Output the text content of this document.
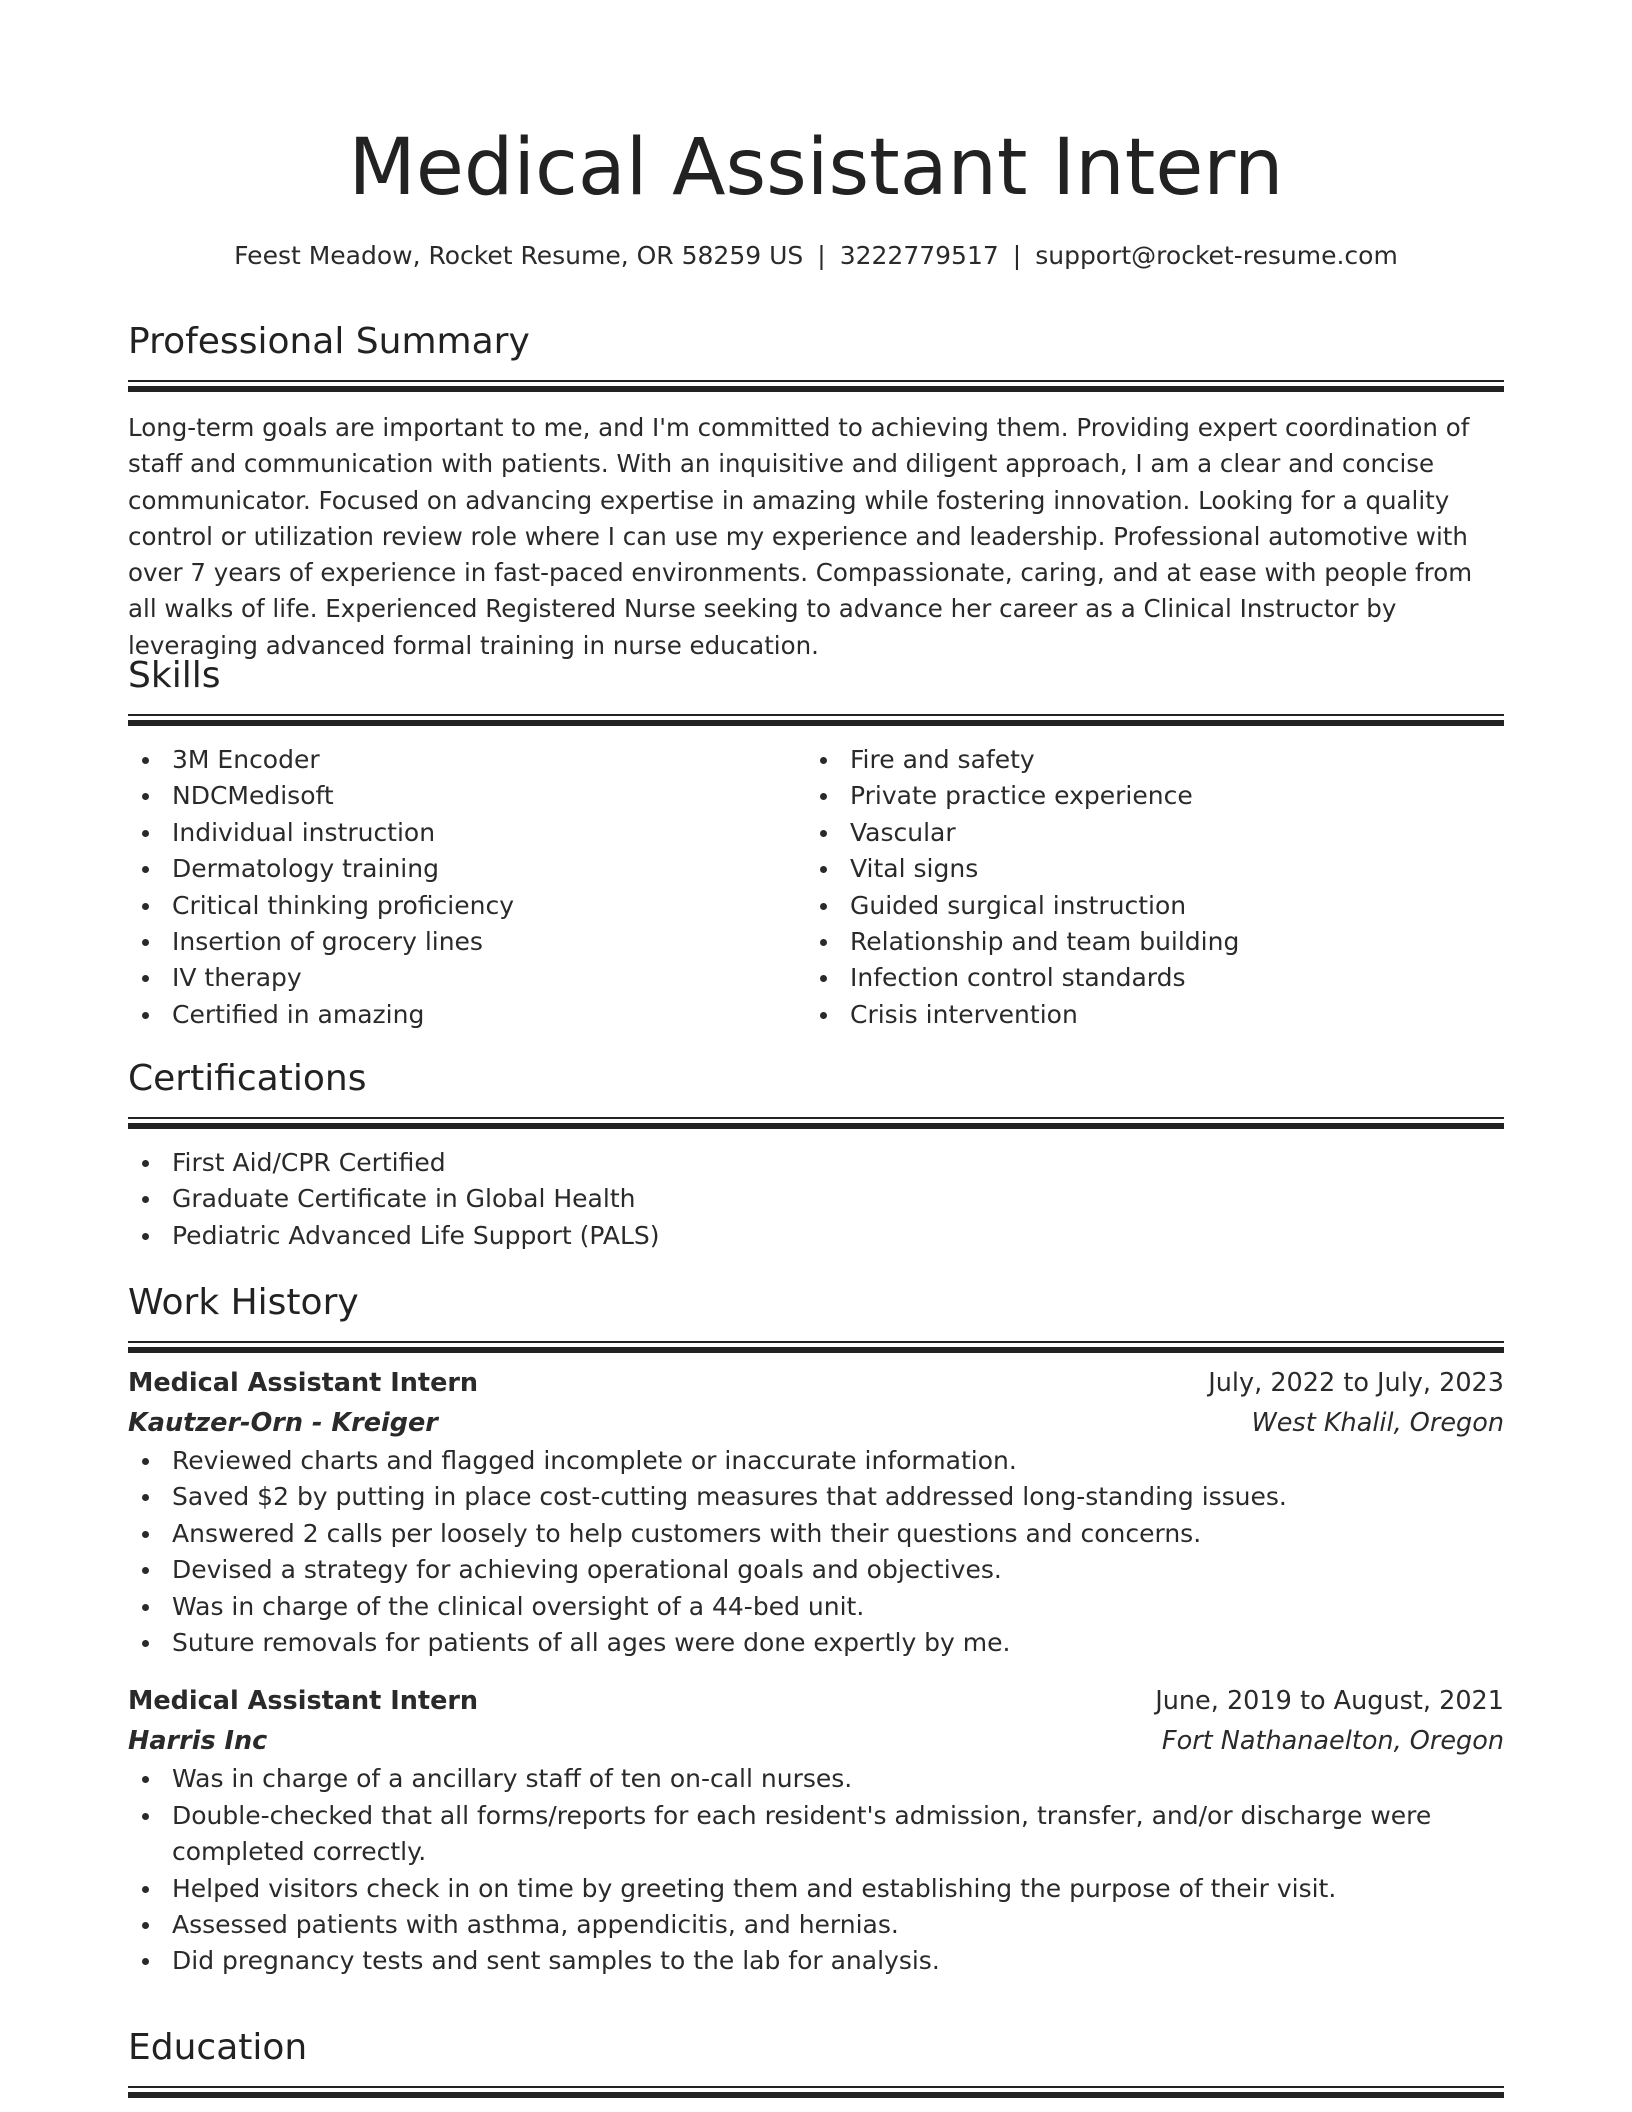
Medical Assistant Intern
Feest Meadow, Rocket Resume, OR 58259 US | 3222779517 | support@rocket-resume.com
Professional Summary
Long-term goals are important to me, and I'm committed to achieving them. Providing expert coordination of staff and communication with patients. With an inquisitive and diligent approach, I am a clear and concise communicator. Focused on advancing expertise in amazing while fostering innovation. Looking for a quality control or utilization review role where I can use my experience and leadership. Professional automotive with over 7 years of experience in fast-paced environments. Compassionate, caring, and at ease with people from all walks of life. Experienced Registered Nurse seeking to advance her career as a Clinical Instructor by leveraging advanced formal training in nurse education.
Skills
3M Encoder
NDCMedisoft
Individual instruction
Dermatology training
Critical thinking proficiency
Insertion of grocery lines
IV therapy
Certified in amazing
Fire and safety
Private practice experience
Vascular
Vital signs
Guided surgical instruction
Relationship and team building
Infection control standards
Crisis intervention
Certifications
First Aid/CPR Certified
Graduate Certificate in Global Health
Pediatric Advanced Life Support (PALS)
Work History
Medical Assistant Intern	July, 2022 to July, 2023
Kautzer-Orn - Kreiger	West Khalil, Oregon
Reviewed charts and flagged incomplete or inaccurate information.
Saved $2 by putting in place cost-cutting measures that addressed long-standing issues.
Answered 2 calls per loosely to help customers with their questions and concerns.
Devised a strategy for achieving operational goals and objectives.
Was in charge of the clinical oversight of a 44-bed unit.
Suture removals for patients of all ages were done expertly by me.
Medical Assistant Intern	June, 2019 to August, 2021
Harris Inc	Fort Nathanaelton, Oregon
Was in charge of a ancillary staff of ten on-call nurses.
Double-checked that all forms/reports for each resident's admission, transfer, and/or discharge were completed correctly.
Helped visitors check in on time by greeting them and establishing the purpose of their visit.
Assessed patients with asthma, appendicitis, and hernias.
Did pregnancy tests and sent samples to the lab for analysis.
Education
